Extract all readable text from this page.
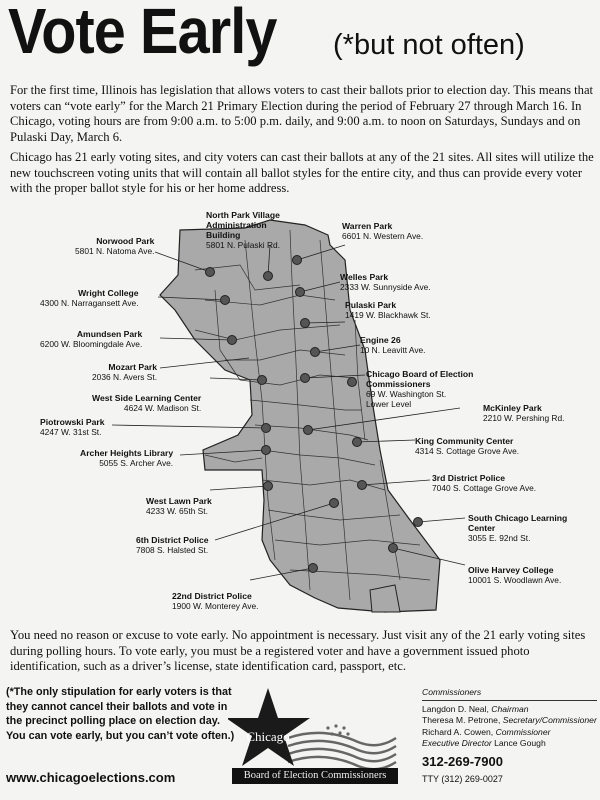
Vote Early (*but not often)
For the first time, Illinois has legislation that allows voters to cast their ballots prior to election day. This means that voters can “vote early” for the March 21 Primary Election during the period of February 27 through March 16. In Chicago, voting hours are from 9:00 a.m. to 5:00 p.m. daily, and 9:00 a.m. to noon on Saturdays, Sundays and on Pulaski Day, March 6.
Chicago has 21 early voting sites, and city voters can cast their ballots at any of the 21 sites. All sites will utilize the new touchscreen voting units that will contain all ballot styles for the entire city, and thus can provide every voter with the proper ballot style for his or her home address.
North Park Village Administration Building
5801 N. Pulaski Rd.
Warren Park
6601 N. Western Ave.
Norwood Park
5801 N. Natoma Ave.
Welles Park
2333 W. Sunnyside Ave.
Wright College
4300 N. Narragansett Ave.	Pulaski Park
1419 W. Blackhawk St.
Amundsen Park
6200 W. Bloomingdale Ave.	Engine 26
10 N. Leavitt Ave.
Mozart Park
2036 N. Avers St.	Chicago Board of Election Commissioners
69 W. Washington St.
Lower Level
West Side Learning Center
4624 W. Madison St.	McKinley Park
2210 W. Pershing Rd.
Piotrowski Park
4247 W. 31st St.
King Community Center
4314 S. Cottage Grove Ave.
Archer Heights Library
5055 S. Archer Ave.
3rd District Police
7040 S. Cottage Grove Ave.
West Lawn Park
4233 W. 65th St.
South Chicago Learning Center
3055 E. 92nd St.
6th District Police
7808 S. Halsted St.
Olive Harvey College
10001 S. Woodlawn Ave.
22nd District Police
1900 W. Monterey Ave.
You need no reason or excuse to vote early. No appointment is necessary. Just visit any of the 21 early voting sites during polling hours. To vote early, you must be a registered voter and have a government issued photo identification, such as a driver’s license, state identification card, passport, etc.
(*The only stipulation for early voters is that they cannot cancel their ballots and vote in the precinct polling place on election day. You can vote early, but you can’t vote often.)
www.chicagoelections.com
Chicago
Board of Election Commissioners
Commissioners
Langdon D. Neal, Chairman
Theresa M. Petrone, Secretary/Commissioner
Richard A. Cowen, Commissioner
Executive Director Lance Gough
312-269-7900
TTY (312) 269-0027
